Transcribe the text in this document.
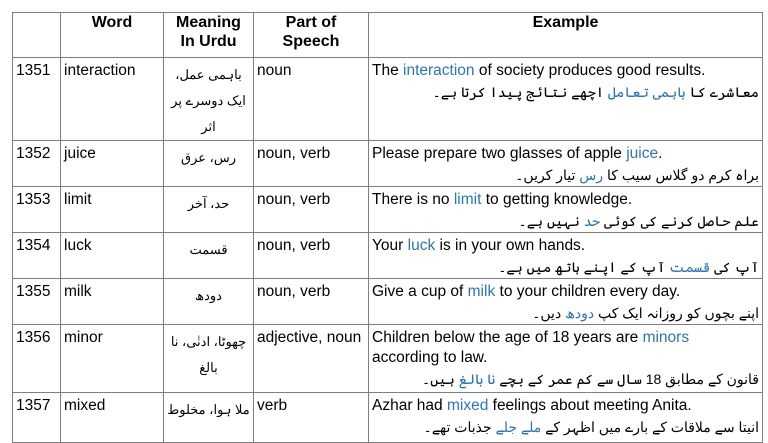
	Word	Meaning In Urdu	Part of Speech	Example
1351	interaction	باہمی عمل، ایک دوسرے پر اثر	noun	The interaction of society produces good results.
معاشرے کا باہمی تعامل اچھے نتائج پیدا کرتا ہے۔

1352	juice	رس، عرق	noun, verb	Please prepare two glasses of apple juice.
براہ کرم دو گلاس سیب کا رس تیار کریں۔

1353	limit	حد، آخر	noun, verb	There is no limit to getting knowledge.
علم حاصل کرنے کی کوئی حد نہیں ہے۔

1354	luck	قسمت	noun, verb	Your luck is in your own hands.
آپ کی قسمت آپ کے اپنے ہاتھ میں ہے۔

1355	milk	دودھ	noun, verb	Give a cup of milk to your children every day.
اپنے بچوں کو روزانہ ایک کپ دودھ دیں۔

1356	minor	چھوٹا، ادنٰی، نا بالغ	adjective, noun	Children below the age of 18 years are minors according to law.
قانون کے مطابق 18 سال سے کم عمر کے بچے نا بالغ ہیں۔

1357	mixed	ملا ہوا، مخلوط	verb	Azhar had mixed feelings about meeting Anita.
انیتا سے ملاقات کے بارے میں اظہر کے ملے جلے جذبات تھے۔
